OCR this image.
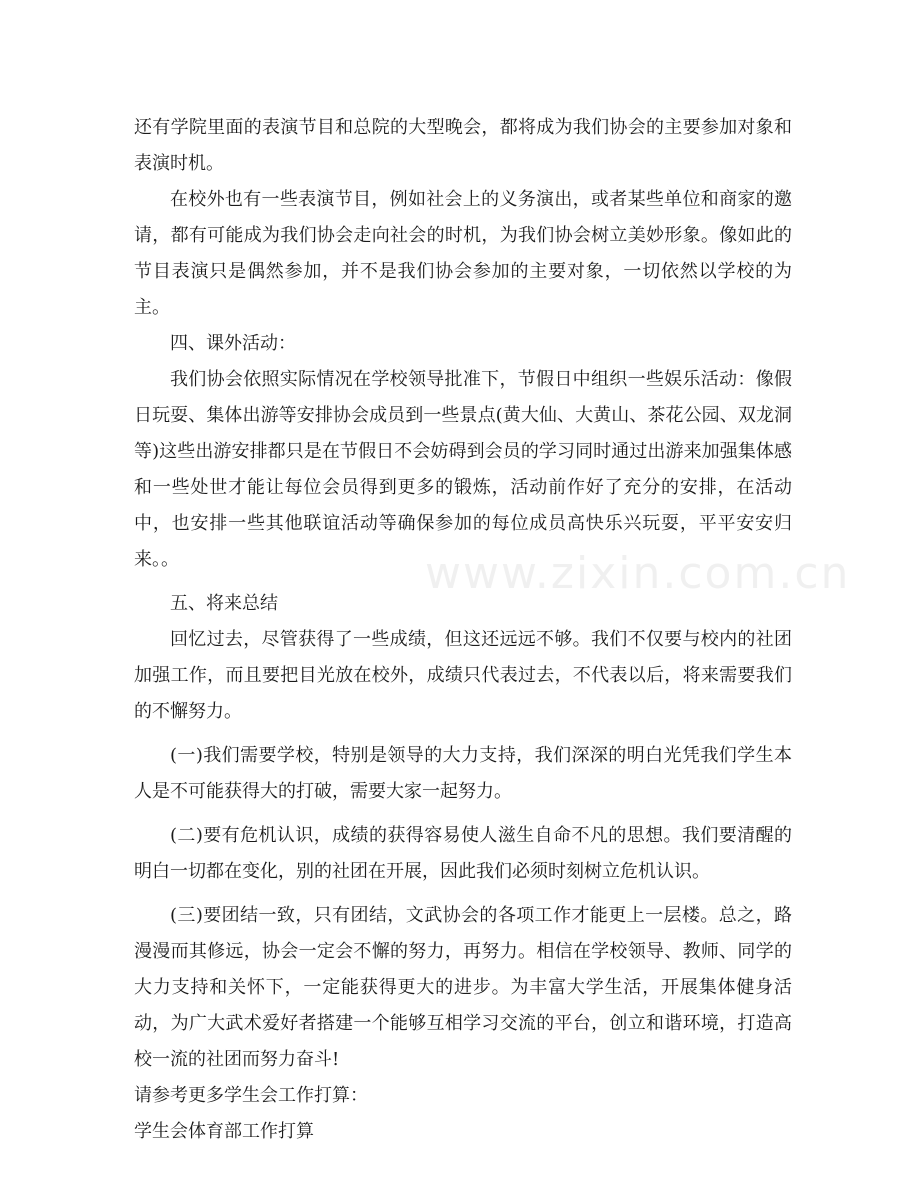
还有学院里面的表演节目和总院的大型晚会，都将成为我们协会的主要参加对象和表演时机。

在校外也有一些表演节目，例如社会上的义务演出，或者某些单位和商家的邀请，都有可能成为我们协会走向社会的时机，为我们协会树立美妙形象。像如此的节目表演只是偶然参加，并不是我们协会参加的主要对象，一切依然以学校的为主。

四、课外活动：

我们协会依照实际情况在学校领导批准下，节假日中组织一些娱乐活动：像假日玩耍、集体出游等安排协会成员到一些景点(黄大仙、大黄山、茶花公园、双龙洞等)这些出游安排都只是在节假日不会妨碍到会员的学习同时通过出游来加强集体感和一些处世才能让每位会员得到更多的锻炼，活动前作好了充分的安排，在活动中，也安排一些其他联谊活动等确保参加的每位成员高快乐兴玩耍，平平安安归来。。

五、将来总结

回忆过去，尽管获得了一些成绩，但这还远远不够。我们不仅要与校内的社团加强工作，而且要把目光放在校外，成绩只代表过去，不代表以后，将来需要我们的不懈努力。

(一)我们需要学校，特别是领导的大力支持，我们深深的明白光凭我们学生本人是不可能获得大的打破，需要大家一起努力。

(二)要有危机认识，成绩的获得容易使人滋生自命不凡的思想。我们要清醒的明白一切都在变化，别的社团在开展，因此我们必须时刻树立危机认识。

(三)要团结一致，只有团结，文武协会的各项工作才能更上一层楼。总之，路漫漫而其修远，协会一定会不懈的努力，再努力。相信在学校领导、教师、同学的大力支持和关怀下，一定能获得更大的进步。为丰富大学生活，开展集体健身活动，为广大武术爱好者搭建一个能够互相学习交流的平台，创立和谐环境，打造高校一流的社团而努力奋斗!

请参考更多学生会工作打算：

学生会体育部工作打算

www.zixin.com.cn
